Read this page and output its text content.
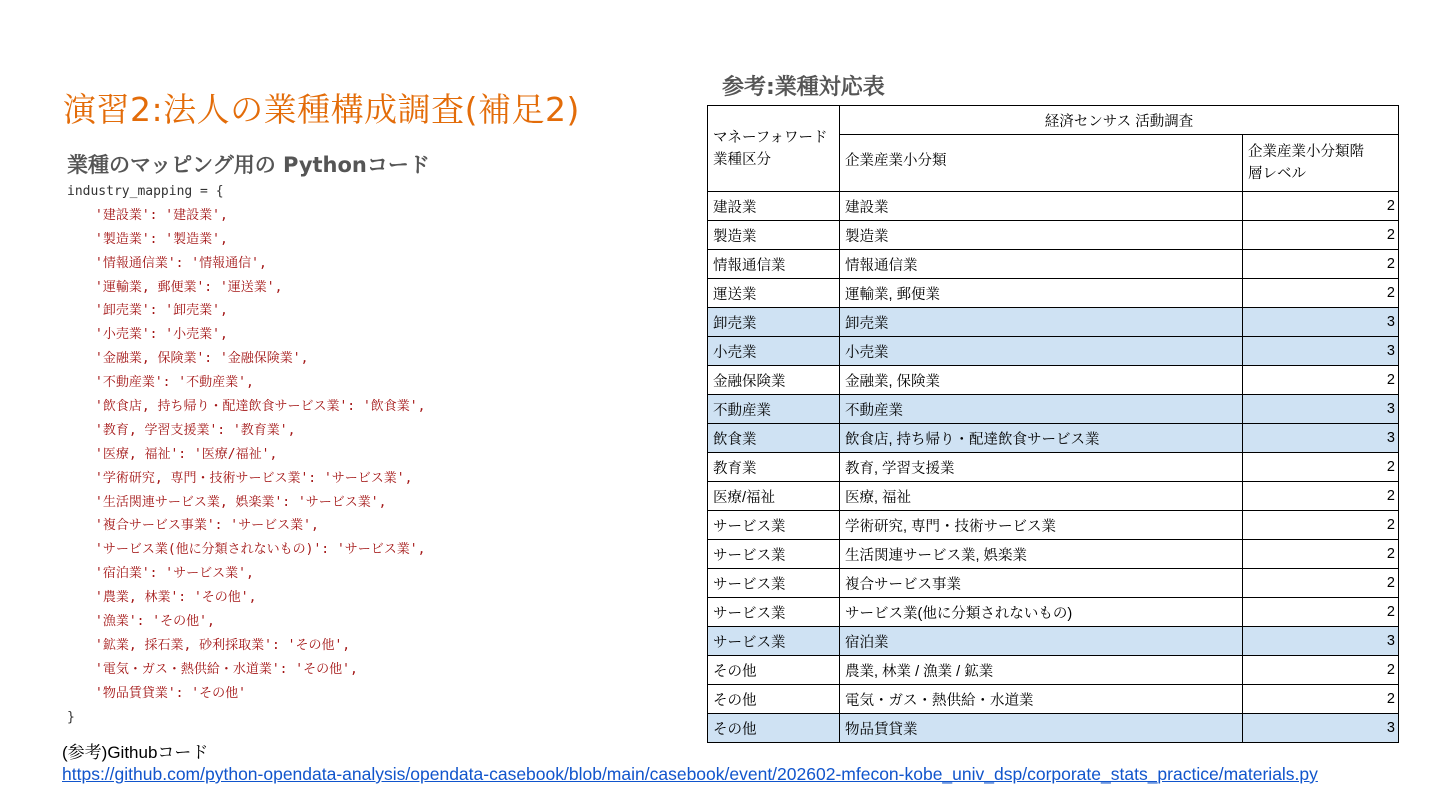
演習2:法人の業種構成調査(補足2)
業種のマッピング用の Pythonコード
industry_mapping = {
'建設業': '建設業',
'製造業': '製造業',
'情報通信業': '情報通信',
'運輸業, 郵便業': '運送業',
'卸売業': '卸売業',
'小売業': '小売業',
'金融業, 保険業': '金融保険業',
'不動産業': '不動産業',
'飲食店, 持ち帰り・配達飲食サービス業': '飲食業',
'教育, 学習支援業': '教育業',
'医療, 福祉': '医療/福祉',
'学術研究, 専門・技術サービス業': 'サービス業',
'生活関連サービス業, 娯楽業': 'サービス業',
'複合サービス事業': 'サービス業',
'サービス業(他に分類されないもの)': 'サービス業',
'宿泊業': 'サービス業',
'農業, 林業': 'その他',
'漁業': 'その他',
'鉱業, 採石業, 砂利採取業': 'その他',
'電気・ガス・熱供給・水道業': 'その他',
'物品賃貸業': 'その他'
}
(参考)Githubコード
https://github.com/python-opendata-analysis/opendata-casebook/blob/main/casebook/event/202602-mfecon-kobe_univ_dsp/corporate_stats_practice/materials.py
参考:業種対応表
マネーフォワード
業種区分	経済センサス 活動調査	
	企業産業小分類	企業産業小分類階
層レベル
建設業	建設業	2
製造業	製造業	2
情報通信業	情報通信業	2
運送業	運輸業, 郵便業	2
卸売業	卸売業	3
小売業	小売業	3
金融保険業	金融業, 保険業	2
不動産業	不動産業	3
飲食業	飲食店, 持ち帰り・配達飲食サービス業	3
教育業	教育, 学習支援業	2
医療/福祉	医療, 福祉	2
サービス業	学術研究, 専門・技術サービス業	2
サービス業	生活関連サービス業, 娯楽業	2
サービス業	複合サービス事業	2
サービス業	サービス業(他に分類されないもの)	2
サービス業	宿泊業	3
その他	農業, 林業 / 漁業 / 鉱業	2
その他	電気・ガス・熱供給・水道業	2
その他	物品賃貸業	3
